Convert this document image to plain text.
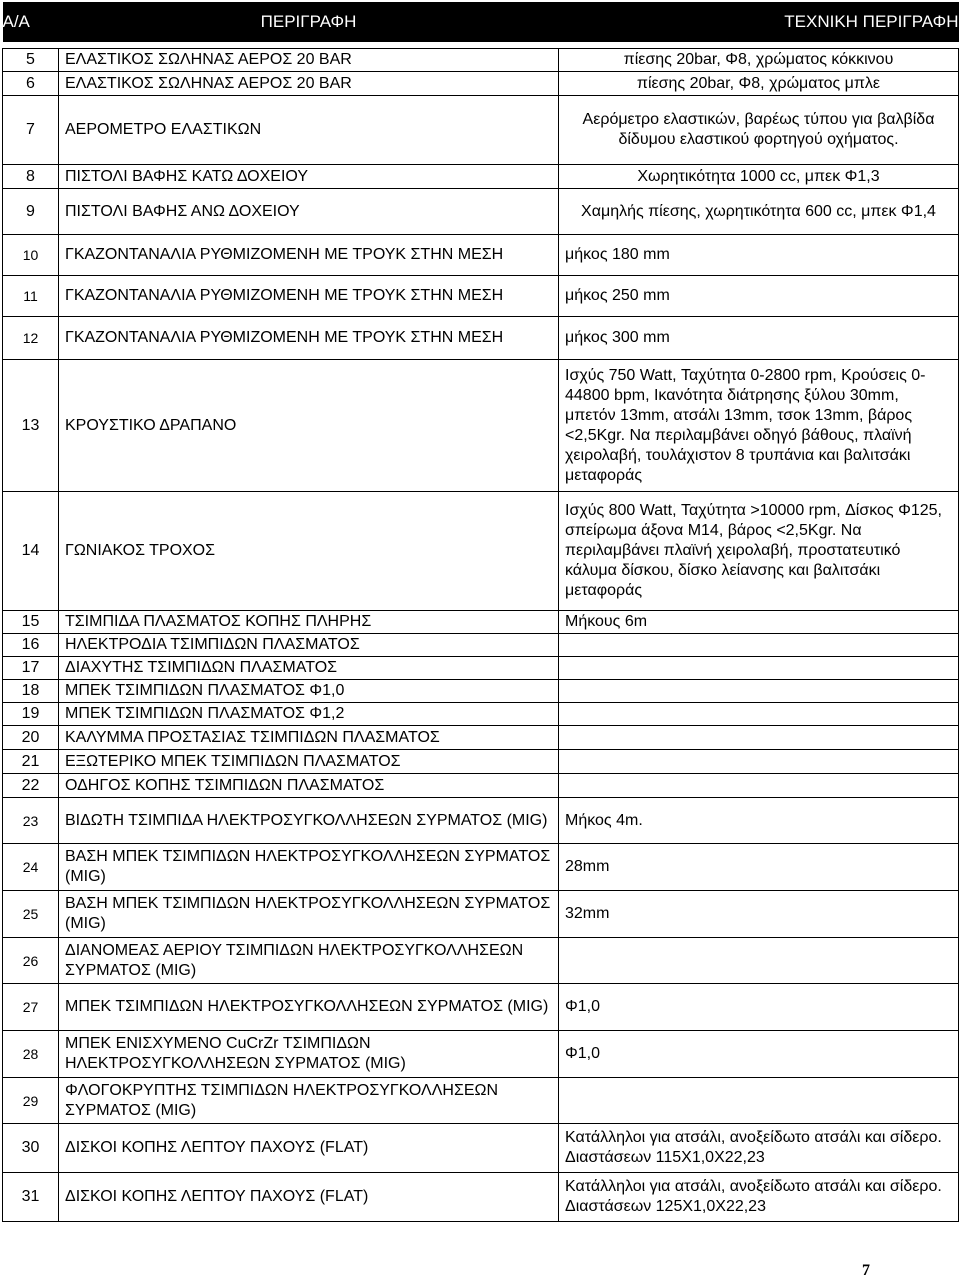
Α/Α	ΠΕΡΙΓΡΑΦΗ	ΤΕΧΝΙΚΗ ΠΕΡΙΓΡΑΦΗ

5	ΕΛΑΣΤΙΚΟΣ ΣΩΛΗΝΑΣ ΑΕΡΟΣ 20 BAR	πίεσης 20bar, Φ8, χρώματος κόκκινου
6	ΕΛΑΣΤΙΚΟΣ ΣΩΛΗΝΑΣ ΑΕΡΟΣ 20 BAR	πίεσης 20bar, Φ8, χρώματος μπλε
7	ΑΕΡΟΜΕΤΡΟ ΕΛΑΣΤΙΚΩΝ	Αερόμετρο ελαστικών, βαρέως τύπου για βαλβίδα δίδυμου ελαστικού φορτηγού οχήματος.
8	ΠΙΣΤΟΛΙ ΒΑΦΗΣ ΚΑΤΩ ΔΟΧΕΙΟΥ	Χωρητικότητα 1000 cc, μπεκ Φ1,3
9	ΠΙΣΤΟΛΙ ΒΑΦΗΣ ΑΝΩ ΔΟΧΕΙΟΥ	Χαμηλής πίεσης, χωρητικότητα 600 cc, μπεκ Φ1,4
10	ΓΚΑΖΟΝΤΑΝΑΛΙΑ ΡΥΘΜΙΖΟΜΕΝΗ ΜΕ ΤΡΟΥΚ ΣΤΗΝ ΜΕΣΗ	μήκος 180 mm
11	ΓΚΑΖΟΝΤΑΝΑΛΙΑ ΡΥΘΜΙΖΟΜΕΝΗ ΜΕ ΤΡΟΥΚ ΣΤΗΝ ΜΕΣΗ	μήκος 250 mm
12	ΓΚΑΖΟΝΤΑΝΑΛΙΑ ΡΥΘΜΙΖΟΜΕΝΗ ΜΕ ΤΡΟΥΚ ΣΤΗΝ ΜΕΣΗ	μήκος 300 mm
13	ΚΡΟΥΣΤΙΚΟ ΔΡΑΠΑΝΟ	Ισχύς 750 Watt, Ταχύτητα 0-2800 rpm, Κρούσεις 0-44800 bpm, Ικανότητα διάτρησης ξύλου 30mm, μπετόν 13mm, ατσάλι 13mm, τσοκ 13mm, βάρος <2,5Kgr. Να περιλαμβάνει οδηγό βάθους, πλαϊνή χειρολαβή, τουλάχιστον 8 τρυπάνια και βαλιτσάκι μεταφοράς
14	ΓΩΝΙΑΚΟΣ ΤΡΟΧΟΣ	Ισχύς 800 Watt, Ταχύτητα >10000 rpm, Δίσκος Φ125, σπείρωμα άξονα Μ14, βάρος <2,5Kgr. Να περιλαμβάνει πλαϊνή χειρολαβή, προστατευτικό κάλυμα δίσκου, δίσκο λείανσης και βαλιτσάκι μεταφοράς
15	ΤΣΙΜΠΙΔΑ ΠΛΑΣΜΑΤΟΣ ΚΟΠΗΣ ΠΛΗΡΗΣ	Μήκους 6m
16	ΗΛΕΚΤΡΟΔΙΑ ΤΣΙΜΠΙΔΩΝ ΠΛΑΣΜΑΤΟΣ	
17	ΔΙΑΧΥΤΗΣ ΤΣΙΜΠΙΔΩΝ ΠΛΑΣΜΑΤΟΣ	
18	ΜΠΕΚ ΤΣΙΜΠΙΔΩΝ ΠΛΑΣΜΑΤΟΣ Φ1,0	
19	ΜΠΕΚ ΤΣΙΜΠΙΔΩΝ ΠΛΑΣΜΑΤΟΣ Φ1,2	
20	ΚΑΛΥΜΜΑ ΠΡΟΣΤΑΣΙΑΣ ΤΣΙΜΠΙΔΩΝ ΠΛΑΣΜΑΤΟΣ	
21	ΕΞΩΤΕΡΙΚΟ ΜΠΕΚ ΤΣΙΜΠΙΔΩΝ ΠΛΑΣΜΑΤΟΣ	
22	ΟΔΗΓΟΣ ΚΟΠΗΣ ΤΣΙΜΠΙΔΩΝ ΠΛΑΣΜΑΤΟΣ	
23	ΒΙΔΩΤΗ ΤΣΙΜΠΙΔΑ ΗΛΕΚΤΡΟΣΥΓΚΟΛΛΗΣΕΩΝ ΣΥΡΜΑΤΟΣ (MIG)	Μήκος 4m.
24	ΒΑΣΗ ΜΠΕΚ ΤΣΙΜΠΙΔΩΝ ΗΛΕΚΤΡΟΣΥΓΚΟΛΛΗΣΕΩΝ ΣΥΡΜΑΤΟΣ (MIG)	28mm
25	ΒΑΣΗ ΜΠΕΚ ΤΣΙΜΠΙΔΩΝ ΗΛΕΚΤΡΟΣΥΓΚΟΛΛΗΣΕΩΝ ΣΥΡΜΑΤΟΣ (MIG)	32mm
26	ΔΙΑΝΟΜΕΑΣ ΑΕΡΙΟΥ ΤΣΙΜΠΙΔΩΝ ΗΛΕΚΤΡΟΣΥΓΚΟΛΛΗΣΕΩΝ ΣΥΡΜΑΤΟΣ (MIG)	
27	ΜΠΕΚ ΤΣΙΜΠΙΔΩΝ ΗΛΕΚΤΡΟΣΥΓΚΟΛΛΗΣΕΩΝ ΣΥΡΜΑΤΟΣ (MIG)	Φ1,0
28	ΜΠΕΚ ΕΝΙΣΧΥΜΕΝΟ CuCrZr ΤΣΙΜΠΙΔΩΝ ΗΛΕΚΤΡΟΣΥΓΚΟΛΛΗΣΕΩΝ ΣΥΡΜΑΤΟΣ (MIG)	Φ1,0
29	ΦΛΟΓΟΚΡΥΠΤΗΣ ΤΣΙΜΠΙΔΩΝ ΗΛΕΚΤΡΟΣΥΓΚΟΛΛΗΣΕΩΝ ΣΥΡΜΑΤΟΣ (MIG)	
30	ΔΙΣΚΟΙ ΚΟΠΗΣ ΛΕΠΤΟΥ ΠΑΧΟΥΣ (FLAT)	Κατάλληλοι για ατσάλι, ανοξείδωτο ατσάλι και σίδερο. Διαστάσεων 115Χ1,0Χ22,23
31	ΔΙΣΚΟΙ ΚΟΠΗΣ ΛΕΠΤΟΥ ΠΑΧΟΥΣ (FLAT)	Κατάλληλοι για ατσάλι, ανοξείδωτο ατσάλι και σίδερο. Διαστάσεων 125Χ1,0Χ22,23
7
